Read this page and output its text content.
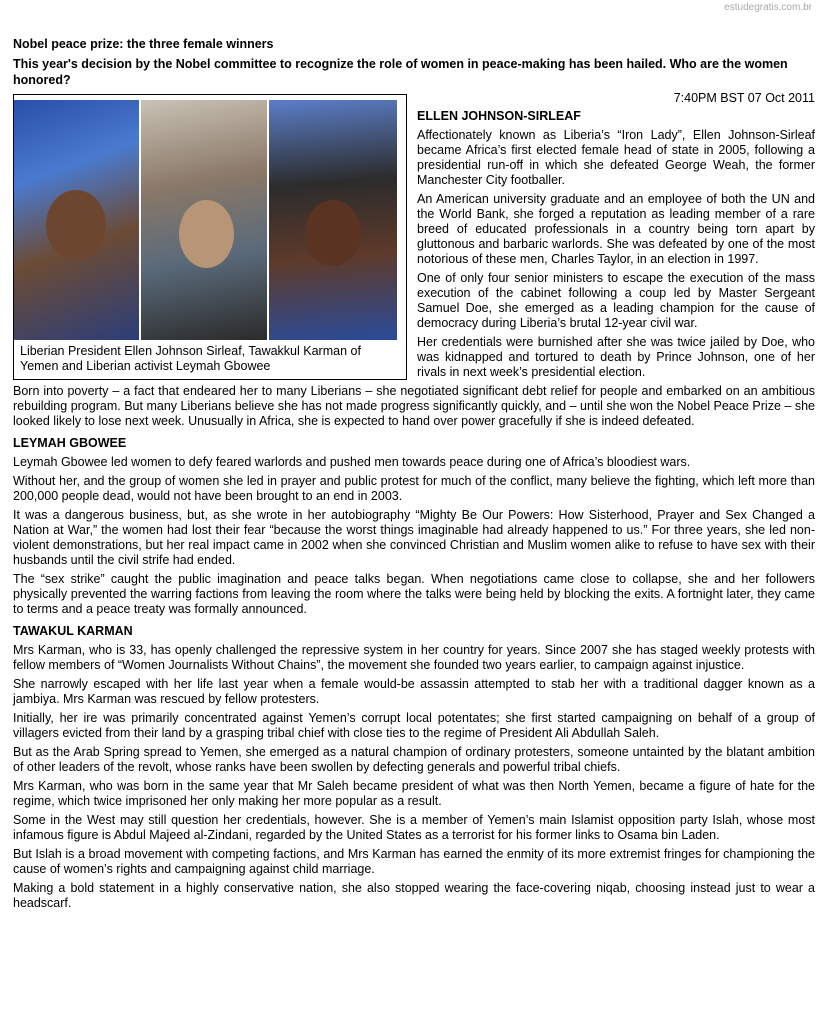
estudegratis.com.br

Nobel peace prize: the three female winners

This year's decision by the Nobel committee to recognize the role of women in peace-making has been hailed. Who are the women honored?

Liberian President Ellen Johnson Sirleaf, Tawakkul Karman of Yemen and Liberian activist Leymah Gbowee

7:40PM BST 07 Oct 2011

ELLEN JOHNSON-SIRLEAF

Affectionately known as Liberia’s “Iron Lady”, Ellen Johnson-Sirleaf became Africa’s first elected female head of state in 2005, following a presidential run-off in which she defeated George Weah, the former Manchester City footballer.

An American university graduate and an employee of both the UN and the World Bank, she forged a reputation as leading member of a rare breed of educated professionals in a country being torn apart by gluttonous and barbaric warlords. She was defeated by one of the most notorious of these men, Charles Taylor, in an election in 1997.

One of only four senior ministers to escape the execution of the mass execution of the cabinet following a coup led by Master Sergeant Samuel Doe, she emerged as a leading champion for the cause of democracy during Liberia’s brutal 12-year civil war.

Her credentials were burnished after she was twice jailed by Doe, who was kidnapped and tortured to death by Prince Johnson, one of her rivals in next week’s presidential election.

Born into poverty – a fact that endeared her to many Liberians – she negotiated significant debt relief for people and embarked on an ambitious rebuilding program. But many Liberians believe she has not made progress significantly quickly, and – until she won the Nobel Peace Prize – she looked likely to lose next week. Unusually in Africa, she is expected to hand over power gracefully if she is indeed defeated.

LEYMAH GBOWEE

Leymah Gbowee led women to defy feared warlords and pushed men towards peace during one of Africa’s bloodiest wars.

Without her, and the group of women she led in prayer and public protest for much of the conflict, many believe the fighting, which left more than 200,000 people dead, would not have been brought to an end in 2003.

It was a dangerous business, but, as she wrote in her autobiography “Mighty Be Our Powers: How Sisterhood, Prayer and Sex Changed a Nation at War,” the women had lost their fear “because the worst things imaginable had already happened to us.” For three years, she led non-violent demonstrations, but her real impact came in 2002 when she convinced Christian and Muslim women alike to refuse to have sex with their husbands until the civil strife had ended.

The “sex strike” caught the public imagination and peace talks began. When negotiations came close to collapse, she and her followers physically prevented the warring factions from leaving the room where the talks were being held by blocking the exits. A fortnight later, they came to terms and a peace treaty was formally announced.

TAWAKUL KARMAN

Mrs Karman, who is 33, has openly challenged the repressive system in her country for years. Since 2007 she has staged weekly protests with fellow members of “Women Journalists Without Chains”, the movement she founded two years earlier, to campaign against injustice.

She narrowly escaped with her life last year when a female would-be assassin attempted to stab her with a traditional dagger known as a jambiya. Mrs Karman was rescued by fellow protesters.

Initially, her ire was primarily concentrated against Yemen’s corrupt local potentates; she first started campaigning on behalf of a group of villagers evicted from their land by a grasping tribal chief with close ties to the regime of President Ali Abdullah Saleh.

But as the Arab Spring spread to Yemen, she emerged as a natural champion of ordinary protesters, someone untainted by the blatant ambition of other leaders of the revolt, whose ranks have been swollen by defecting generals and powerful tribal chiefs.

Mrs Karman, who was born in the same year that Mr Saleh became president of what was then North Yemen, became a figure of hate for the regime, which twice imprisoned her only making her more popular as a result.

Some in the West may still question her credentials, however. She is a member of Yemen’s main Islamist opposition party Islah, whose most infamous figure is Abdul Majeed al-Zindani, regarded by the United States as a terrorist for his former links to Osama bin Laden.

But Islah is a broad movement with competing factions, and Mrs Karman has earned the enmity of its more extremist fringes for championing the cause of women’s rights and campaigning against child marriage.

Making a bold statement in a highly conservative nation, she also stopped wearing the face-covering niqab, choosing instead just to wear a headscarf.
